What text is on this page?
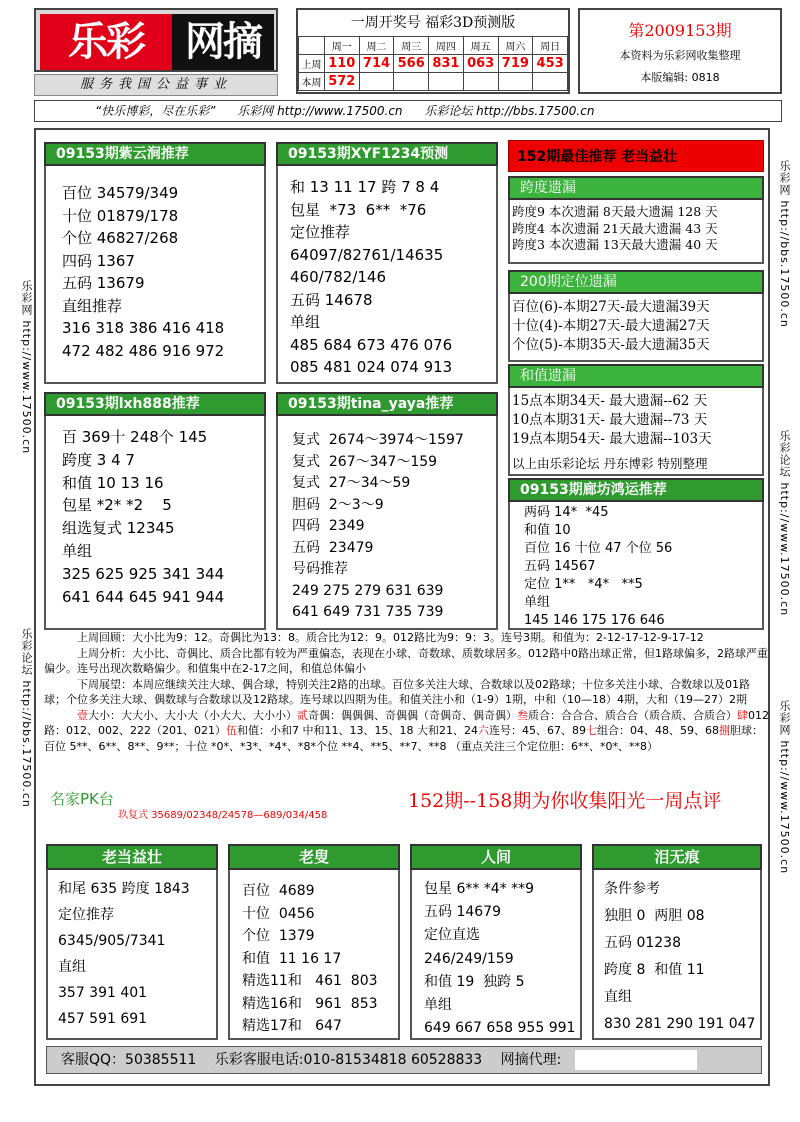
乐彩	网摘
服务我国公益事业
一周开奖号 福彩3D预测版
	周一	周二	周三	周四	周五	周六	周日
上周	110	714	566	831	063	719	453
本周	572						
第2009153期
本资料为乐彩网收集整理
本版编辑: 0818
“快乐博彩，尽在乐彩” 乐彩网 http://www.17500.cn 乐彩论坛 http://bbs.17500.cn
乐彩网 http://www.17500.cn
乐彩论坛 http://bbs.17500.cn
乐彩网 http://bbs.17500.cn
乐彩论坛 http://www.17500.cn
乐彩网 http://www.17500.cn
09153期紫云涧推荐
百位 34579/349
十位 01879/178
个位 46827/268
四码 1367
五码 13679
直组推荐
316 318 386 416 418
472 482 486 916 972
09153期XYF1234预测
和 13 11 17 跨 7 8 4
包星  *73  6**  *76
定位推荐
64097/82761/14635
460/782/146
五码 14678
单组
485 684 673 476 076
085 481 024 074 913
09153期lxh888推荐
百 369十 248个 145
跨度 3 4 7
和值 10 13 16
包星 *2* *2    5
组选复式 12345
单组
325 625 925 341 344
641 644 645 941 944
09153期tina_yaya推荐
复式  2674～3974～1597
复式  267～347～159
复式  27～34～59
胆码  2～3～9
四码  2349
五码  23479
号码推荐
249 275 279 631 639
641 649 731 735 739
152期最佳推荐 老当益壮
跨度遗漏
跨度9 本次遗漏 8天最大遗漏 128 天
跨度4 本次遗漏 21天最大遗漏 43 天
跨度3 本次遗漏 13天最大遗漏 40 天
200期定位遗漏
百位(6)-本期27天-最大遗漏39天
十位(4)-本期27天-最大遗漏27天
个位(5)-本期35天-最大遗漏35天
和值遗漏
15点本期34天- 最大遗漏--62 天
10点本期31天- 最大遗漏--73 天
19点本期54天- 最大遗漏--103天
以上由乐彩论坛 丹东博彩 特别整理
09153期廊坊鸿运推荐
两码 14*  *45
和值 10
百位 16 十位 47 个位 56
五码 14567
定位 1**   *4*   **5
单组
145 146 175 176 646

上周回顾：大小比为9：12。奇偶比为13：8。质合比为12：9。012路比为9：9：3。连号3期。和值为：2-12-17-12-9-17-12

上周分析：大小比、奇偶比、质合比都有较为严重偏态，表现在小球、奇数球、质数球居多。012路中0路出球正常，但1路球偏多，2路球严重偏少。连号出现次数略偏少。和值集中在2-17之间，和值总体偏小

下周展望：本周应继续关注大球、偶合球，特别关注2路的出球。百位多关注大球、合数球以及02路球；十位多关注小球、合数球以及01路球；个位多关注大球、偶数球与合数球以及12路球。连号球以四期为佳。和值关注小和（1-9）1期，中和（10—18）4期，大和（19—27）2期

壹大小：大大小、大小大（小大大、大小小）贰奇偶：偶偶偶、奇偶偶（奇偶奇、偶奇偶）叁质合：合合合、质合合（质合质、合质合）肆012路：012、002、222（201、021）伍和值：小和7 中和11、13、15、18 大和21、24六连号：45、67、89七组合：04、48、59、68捌胆球：百位 5**、6**、8**、9**；十位 *0*、*3*、*4*、*8*个位 **4、**5、**7、**8 （重点关注三个定位胆：6**、*0*、**8）

玖复式 35689/02348/24578—689/034/458
名家PK台	152期--158期为你收集阳光一周点评
老当益壮
和尾 635 跨度 1843
定位推荐
6345/905/7341
直组
357 391 401
457 591 691
老叟
百位  4689
十位  0456
个位  1379
和值  11 16 17
精选11和   461  803
精选16和   961  853
精选17和   647
人间
包星 6** *4* **9
五码 14679
定位直选
246/249/159
和值 19  独跨 5
单组
649 667 658 955 991
泪无痕
条件参考
独胆 0  两胆 08
五码 01238
跨度 8  和值 11
直组
830 281 290 191 047
客服QQ：50385511 乐彩客服电话:010-81534818 60528833 网摘代理:
